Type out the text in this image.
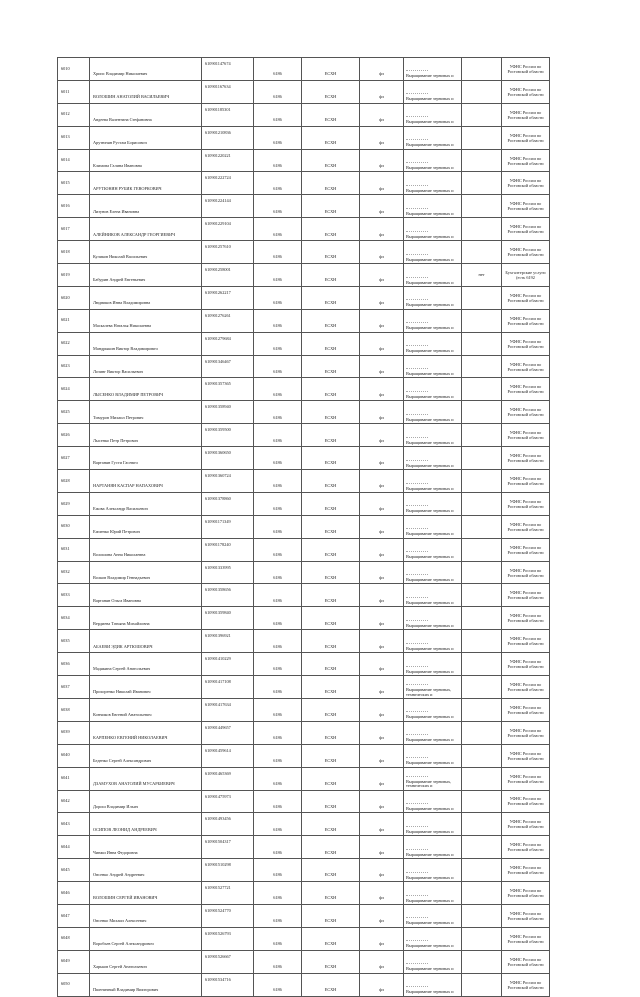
6010	Хрипс Владимир Николаевич	610901147674	6186	ЕСХН	фл	Выращивание зерновых и		УФНС России по Ростовской области
6011	ВОЛОШИН АНАТОЛИЙ ВАСИЛЬЕВИЧ	610901167634	6186	ЕСХН	фл	Выращивание зерновых и		УФНС России по Ростовской области
6012	Авдеева Валентина Стефановна	610901185301	6186	ЕСХН	фл	Выращивание зерновых и		УФНС России по Ростовской области
6013	Арутюнян Рустам Борисович	610901210836	6186	ЕСХН	фл	Выращивание зерновых и		УФНС России по Ростовской области
6014	Климова Галина Ивановна	610901220221	6186	ЕСХН	фл	Выращивание зерновых и		УФНС России по Ростовской области
6015	АРУТЮНЯН РУБИК ГЕВОРКОВИЧ	610901222724	6186	ЕСХН	фл	Выращивание зерновых и		УФНС России по Ростовской области
6016	Лизунов Елена Ивановна	610901224144	6186	ЕСХН	фл	Выращивание зерновых и		УФНС России по Ростовской области
6017	АЛЕЙНИКОВ АЛЕКСАНДР ГЕОРГИЕВИЧ	610901229104	6186	ЕСХН	фл	Выращивание зерновых и		УФНС России по Ростовской области
6018	Куликов Николай Васильевич	610901257610	6186	ЕСХН	фл	Выращивание зерновых и		УФНС России по Ростовской области
6019	Бабурин Андрей Евгеньевич	610901258001	6186	ЕСХН	фл	Выращивание зерновых и	нет	Бухгалтерские услуги (есть 6192
6020	Людвиков Инна Владимировна	610901262217	6186	ЕСХН	фл	Выращивание зерновых и		УФНС России по Ростовской области
6021	Маскалева Наталья Николаевна	610901276261	6186	ЕСХН	фл	Выращивание зерновых и		УФНС России по Ростовской области
6022	Мандрыкин Виктор Владимирович	610901279684	6186	ЕСХН	фл	Выращивание зерновых и		УФНС России по Ростовской области
6023	Лозинг Виктор Васильевич	610901346467	6186	ЕСХН	фл	Выращивание зерновых и		УФНС России по Ростовской области
6024	ЛЫСЕНКО ВЛАДИМИР ПЕТРОВИЧ	610901357365	6186	ЕСХН	фл	Выращивание зерновых и		УФНС России по Ростовской области
6025	Тимуров Михаил Петрович	610901358940	6186	ЕСХН	фл	Выращивание зерновых и		УФНС России по Ростовской области
6026	Лысенко Петр Петрович	610901359500	6186	ЕСХН	фл	Выращивание зерновых и		УФНС России по Ростовской области
6027	Вартанян Густи Гасевич	610901360650	6186	ЕСХН	фл	Выращивание зерновых и		УФНС России по Ростовской области
6028	НАРТАНЯН КАСПАР НАПАХОВИЧ	610901360724	6186	ЕСХН	фл	Выращивание зерновых и		УФНС России по Ростовской области
6029	Ежова Александр Васильевич	610901378860	6186	ЕСХН	фл	Выращивание зерновых и		УФНС России по Ростовской области
6030	Ежченко Юрий Петрович	610901171349	6186	ЕСХН	фл	Выращивание зерновых и		УФНС России по Ростовской области
6031	Волошина Анна Николаевна	610901178240	6186	ЕСХН	фл	Выращивание зерновых и		УФНС России по Ростовской области
6032	Волков Владимир Геннадьевич	610901333995	6186	ЕСХН	фл	Выращивание зерновых и		УФНС России по Ростовской области
6033	Вартанян Ольга Ивановна	610901358656	6186	ЕСХН	фл	Выращивание зерновых и		УФНС России по Ростовской области
6034	Вердиева Татьяна Михайловна	610901359840	6186	ЕСХН	фл	Выращивание зерновых и		УФНС России по Ростовской области
6035	АБАЕВИ ЭДИК АРТЮШОВИЧ	610901396921	6186	ЕСХН	фл	Выращивание зерновых и		УФНС России по Ростовской области
6036	Мадякина Сергей Анатольевич	610901410229	6186	ЕСХН	фл	Выращивание зерновых и		УФНС России по Ростовской области
6037	Прохоренко Николай Иванович	610901417108	6186	ЕСХН	фл	Выращивание зерновых, технических и		УФНС России по Ростовской области
6038	Кончиков Евгений Анатольевич	610901417634	6186	ЕСХН	фл	Выращивание зерновых и		УФНС России по Ростовской области
6039	КАРПЕНКО ЕВГЕНИЙ НИКОЛАЕВИЧ	610901449657	6186	ЕСХН	фл	Выращивание зерновых и		УФНС России по Ростовской области
6040	Беденко Сергей Александрович	610901459614	6186	ЕСХН	фл	Выращивание зерновых и		УФНС России по Ростовской области
6041	ДЗАМУХОВ АНАТОЛИЙ МУСАРБИЕВИЧ	610901465369	6186	ЕСХН	фл	Выращивание зерновых, технических и		УФНС России по Ростовской области
6042	Дорош Владимир Ильич	610901475973	6186	ЕСХН	фл	Выращивание зерновых и		УФНС России по Ростовской области
6043	ОСИПОВ ЛЕОНИД АНДРЕЕВИЧ	610901493456	6186	ЕСХН	фл	Выращивание зерновых и		УФНС России по Ростовской области
6044	Чинжи Инна Федоровна	610901504317	6186	ЕСХН	фл	Выращивание зерновых и		УФНС России по Ростовской области
6045	Овсенко Андрей Андреевич	610901510298	6186	ЕСХН	фл	Выращивание зерновых и		УФНС России по Ростовской области
6046	ВОЛОШИН СЕРГЕЙ ИВАНОВИЧ	610901527721	6186	ЕСХН	фл	Выращивание зерновых и		УФНС России по Ростовской области
6047	Овсенко Михаил Алексеевич	610901524770	6186	ЕСХН	фл	Выращивание зерновых и		УФНС России по Ростовской области
6048	Воробьев Сергей Александрович	610901526793	6186	ЕСХН	фл	Выращивание зерновых и		УФНС России по Ростовской области
6049	Харьков Сергей Анатольевич	610901526667	6186	ЕСХН	фл	Выращивание зерновых и		УФНС России по Ростовской области
6050	Пшеничный Владимир Викторович	610901534716	6186	ЕСХН	фл	Выращивание зерновых и		УФНС России по Ростовской области
